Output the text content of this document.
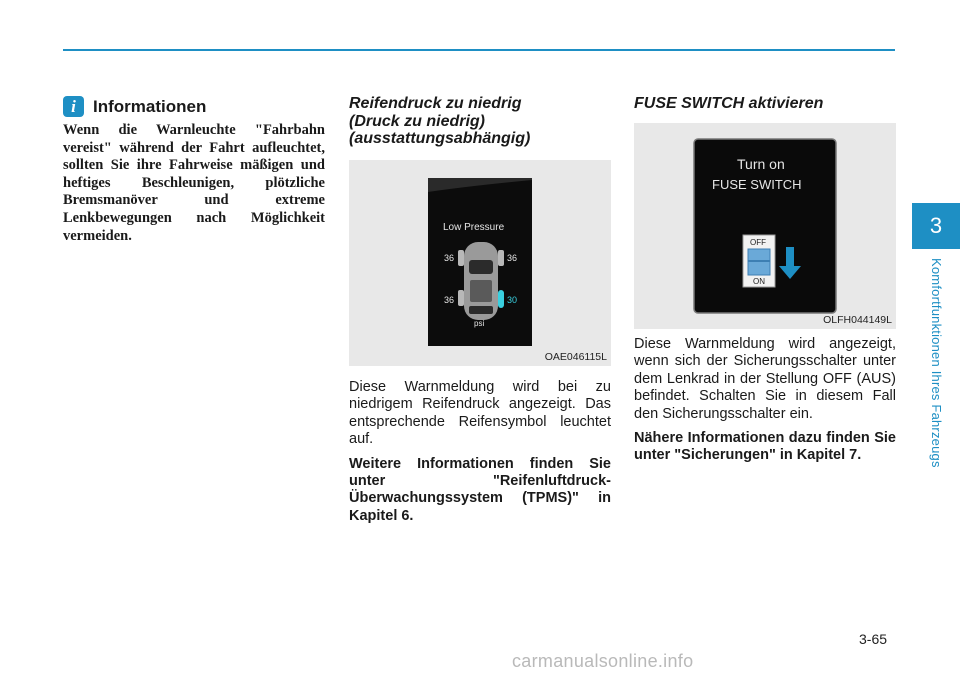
i	Informationen
Wenn die Warnleuchte "Fahrbahn vereist" während der Fahrt aufleuchtet, sollten Sie ihre Fahrweise mäßigen und heftiges Beschleunigen, plötzliche Bremsmanöver und extreme Lenkbewegungen nach Möglichkeit vermeiden.
Reifendruck zu niedrig
(Druck zu niedrig)
(ausstattungsabhängig)
Low Pressure
36	36
36	30
psi
OAE046115L

Diese Warnmeldung wird bei zu niedrigem Reifendruck angezeigt. Das entsprechende Reifensymbol leuchtet auf.

Weitere Informationen finden Sie unter "Reifenluftdruck-Überwachungssystem (TPMS)" in Kapitel 6.

FUSE SWITCH aktivieren
Turn on
FUSE SWITCH
OFF
ON
OLFH044149L

Diese Warnmeldung wird angezeigt, wenn sich der Sicherungsschalter unter dem Lenkrad in der Stellung OFF (AUS) befindet. Schalten Sie in diesem Fall den Sicherungsschalter ein.

Nähere Informationen dazu finden Sie unter "Sicherungen" in Kapitel 7.

3
Komfortfunktionen Ihres Fahrzeugs
3-65
carmanualsonline.info
